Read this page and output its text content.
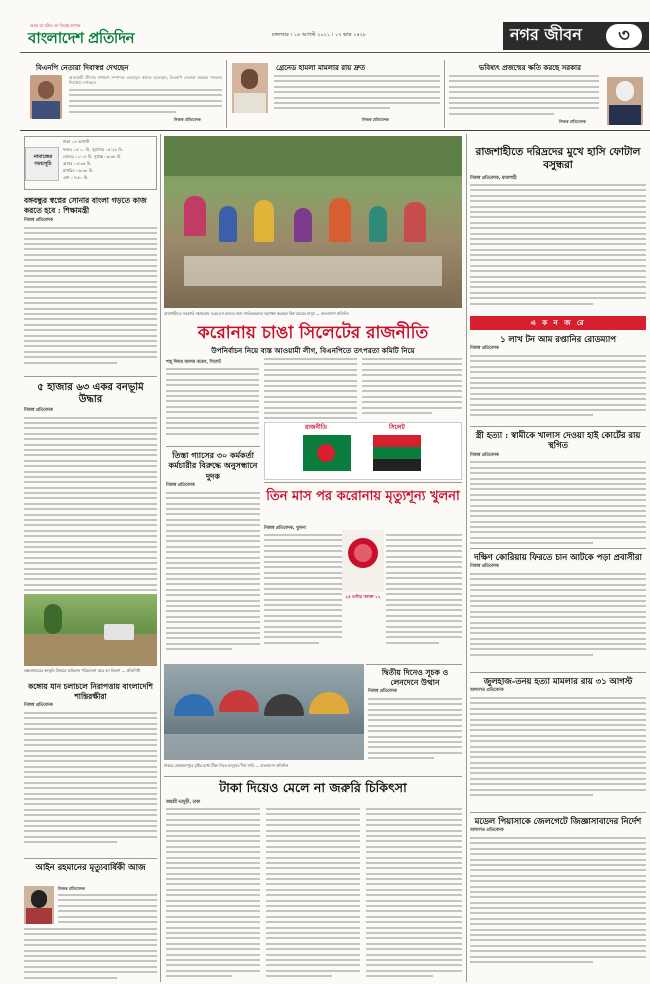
আজ যা ঘটবে তা নিয়েই কাগজ
বাংলাদেশ প্রতিদিন	মঙ্গলবার । ১৪ আগস্ট ২০২১ । ১৭ ভাদ্র ১৪২৮	নগর জীবন	৩
বিএনপি নেতারা দিবাস্বপ্ন দেখছেন
আওয়ামী লীগের সাধারণ সম্পাদক ওবায়দুল কাদের বলেছেন, বিএনপি নেতারা সরকার পতনের দিবাস্বপ্ন দেখছেন।
নিজস্ব প্রতিবেদক
গ্রেনেড হামলা মামলার রায় দ্রুত
নিজস্ব প্রতিবেদক
ভবিষ্যৎ প্রজন্মের ক্ষতি করছে সরকার
নিজস্ব প্রতিবেদক
নামাজের সময়সূচি
ঢাকা ১৪ আগস্ট
ফজর ০৪:১০ মি. সূর্যোদয় ০৫:২৮ মি.
জোহর ১২:০৪ মি. সূর্যাস্ত ০৬:৩৮ মি.
আসর ০৪:৩৫ মি.
মাগরিব ০৬:৩৮ মি.
এশা ০৭:৫০ মি.
বঙ্গবন্ধুর স্বপ্নের সোনার বাংলা গড়তে কাজ করতে হবে : শিক্ষামন্ত্রী
নিজস্ব প্রতিবেদক
৫ হাজার ৬৩ একর বনভূমি উদ্ধার
নিজস্ব প্রতিবেদক
কক্সবাজারের বনভূমি উদ্ধারে অভিযান পরিচালনা করে বন বিভাগ — প্রতিনিধি
কঙ্গোয় যান চলাচলে নিরাপত্তায় বাংলাদেশি শান্তিরক্ষীরা
নিজস্ব প্রতিবেদক
আইন রহমানের মৃত্যুবার্ষিকী আজ
নিজস্ব প্রতিবেদক
রাজশাহীতে সরকারি সহায়তায় ওএমএস চালের জন্য সারিবদ্ধভাবে অপেক্ষা করছেন নিম্ন আয়ের মানুষ — বাংলাদেশ প্রতিদিন
করোনায় চাঙা সিলেটের রাজনীতি
উপনির্বাচন নিয়ে ব্যস্ত আওয়ামী লীগ, বিএনপিতে তৎপরতা কমিটি নিয়ে
শাহ্ দিদার আলম নবেল, সিলেট
রাজনীতি	সিলেট
তিস্তা গ্যাসের ৩০ কর্মকর্তা কর্মচারীর বিরুদ্ধে অনুসন্ধানে দুদক
নিজস্ব প্রতিবেদক
তিন মাস পর করোনায় মৃত্যুশূন্য খুলনা
নিজস্ব প্রতিবেদক, খুলনা
২৪ ঘণ্টায় শনাক্ত ১২
ঢাকার মোহাম্মদপুরে বৃষ্টির মধ্যে টিকা নিতে মানুষের দীর্ঘ সারি — বাংলাদেশ প্রতিদিন
দ্বিতীয় দিনেও সূচক ও লেনদেনে উত্থান
নিজস্ব প্রতিবেদক
টাকা দিয়েও মেলে না জরুরি চিকিৎসা
জয়শ্রী ভাদুড়ী, ঢাকা
রাজশাহীতে দরিদ্রদের মুখে হাসি ফোটাল বসুন্ধরা
নিজস্ব প্রতিবেদক, রাজশাহী
এ ক ন জ রে
১ লাখ টন আম রপ্তানির রোডম্যাপ
নিজস্ব প্রতিবেদক
স্ত্রী হত্যা : স্বামীকে খালাস দেওয়া হাই কোর্টের রায় স্থগিত
নিজস্ব প্রতিবেদক
দক্ষিণ কোরিয়ায় ফিরতে চান আটকে পড়া প্রবাসীরা
নিজস্ব প্রতিবেদক
জুলহাজ-তনয় হত্যা মামলার রায় ৩১ আগস্ট
আদালত প্রতিবেদক
মডেল পিয়াসাকে জেলগেটে জিজ্ঞাসাবাদের নির্দেশ
আদালত প্রতিবেদক
